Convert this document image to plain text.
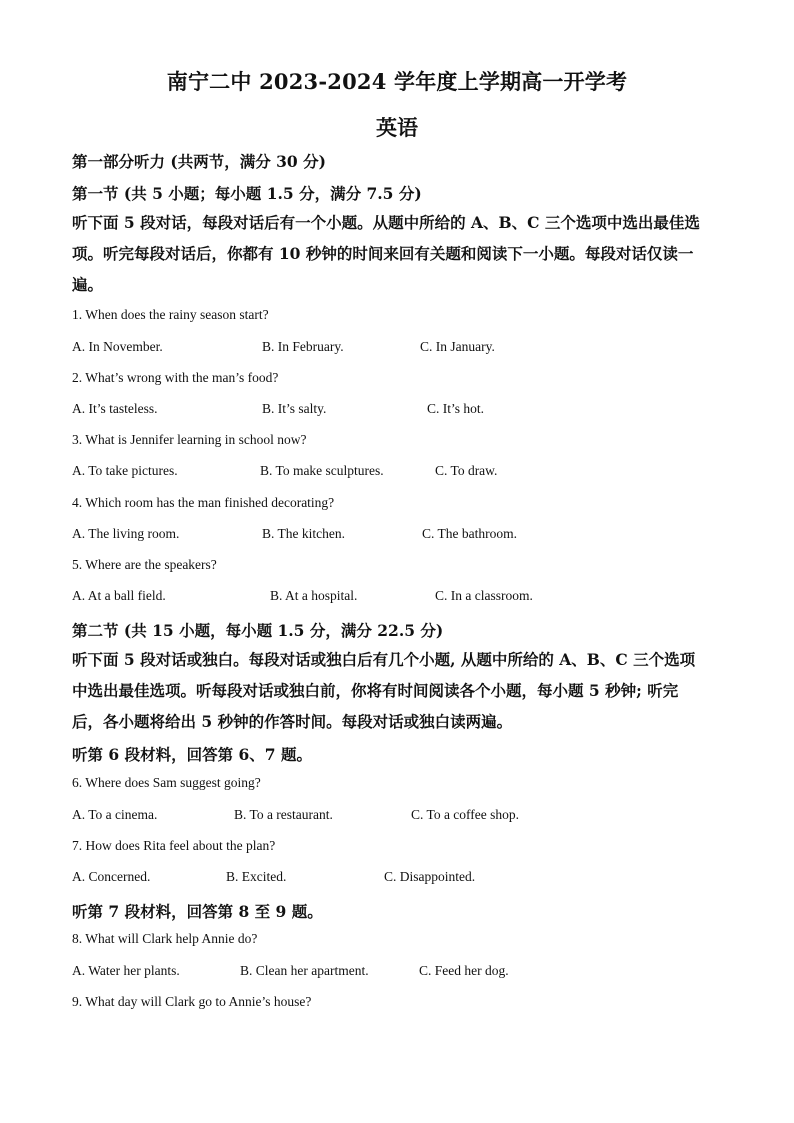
南宁二中 2023-2024 学年度上学期高一开学考
英语
第一部分听力 (共两节，满分 30 分)
第一节 (共 5 小题；每小题 1.5 分，满分 7.5 分)
听下面 5 段对话，每段对话后有一个小题。从题中所给的 A、B、C 三个选项中选出最佳选
项。听完每段对话后，你都有 10 秒钟的时间来回有关题和阅读下一小题。每段对话仅读一
遍。
1. When does the rainy season start?
A. In November.	B. In February.	C. In January.
2. What’s wrong with the man’s food?
A. It’s tasteless.	B. It’s salty.	C. It’s hot.
3. What is Jennifer learning in school now?
A. To take pictures.	B. To make sculptures.	C. To draw.
4. Which room has the man finished decorating?
A. The living room.	B. The kitchen.	C. The bathroom.
5. Where are the speakers?
A. At a ball field.	B. At a hospital.	C. In a classroom.
第二节 (共 15 小题，每小题 1.5 分，满分 22.5 分)
听下面 5 段对话或独白。每段对话或独白后有几个小题, 从题中所给的 A、B、C 三个选项
中选出最佳选项。听每段对话或独白前，你将有时间阅读各个小题，每小题 5 秒钟; 听完
后，各小题将给出 5 秒钟的作答时间。每段对话或独白读两遍。
听第 6 段材料，回答第 6、7 题。
6. Where does Sam suggest going?
A. To a cinema.	B. To a restaurant.	C. To a coffee shop.
7. How does Rita feel about the plan?
A. Concerned.	B. Excited.	C. Disappointed.
听第 7 段材料，回答第 8 至 9 题。
8. What will Clark help Annie do?
A. Water her plants.	B. Clean her apartment.	C. Feed her dog.
9. What day will Clark go to Annie’s house?
